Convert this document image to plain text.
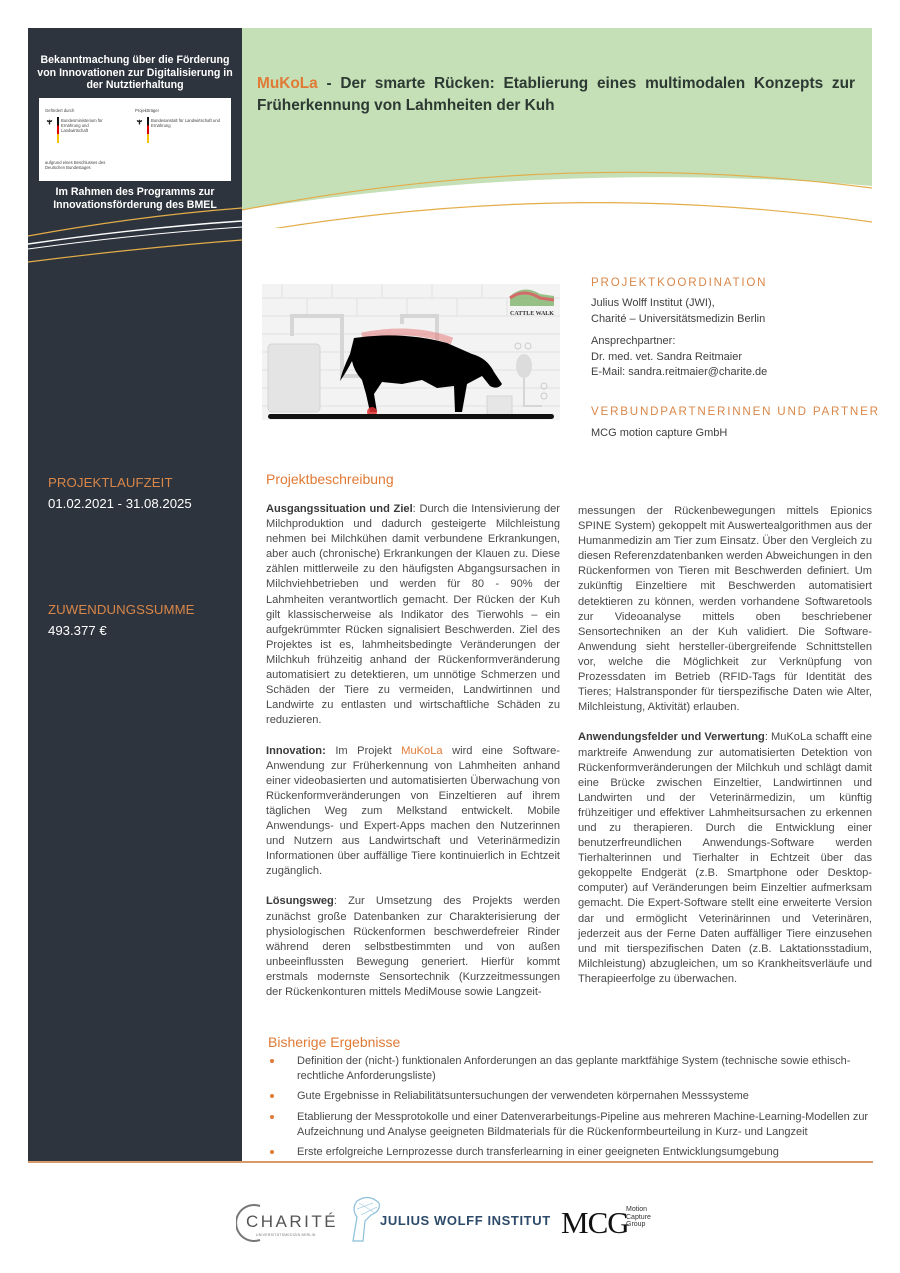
Bekanntmachung über die Förderung von Innovationen zur Digitalisierung in der Nutztierhaltung
Gefördert durch
Bundesministerium für Ernährung und Landwirtschaft
aufgrund eines Beschlusses des Deutschen Bundestages
Projektträger
Bundesanstalt für Landwirtschaft und Ernährung
Im Rahmen des Programms zur Innovationsförderung des BMEL
PROJEKTLAUFZEIT
01.02.2021 - 31.08.2025
ZUWENDUNGSSUMME
493.377 €
MuKoLa - Der smarte Rücken: Etablierung eines multimodalen Konzepts zur Früherkennung von Lahmheiten der Kuh
CATTLE WALK
PROJEKTKOORDINATION
Julius Wolff Institut (JWI),
Charité – Universitätsmedizin Berlin
Ansprechpartner:
Dr. med. vet. Sandra Reitmaier
E-Mail: sandra.reitmaier@charite.de
VERBUNDPARTNERINNEN UND PARTNER
MCG motion capture GmbH
Projektbeschreibung

Ausgangssituation und Ziel: Durch die Intensivierung der Milchproduktion und dadurch gesteigerte Milchleistung nehmen bei Milchkühen damit verbundene Erkrankungen, aber auch (chronische) Erkrankungen der Klauen zu. Diese zählen mittlerweile zu den häufigsten Abgangsursachen in Milchviehbetrieben und werden für 80 - 90% der Lahmheiten verantwortlich gemacht. Der Rücken der Kuh gilt klassischerweise als Indikator des Tierwohls – ein aufgekrümmter Rücken signalisiert Beschwerden. Ziel des Projektes ist es, lahmheitsbedingte Veränderungen der Milchkuh frühzeitig anhand der Rückenformveränderung automatisiert zu detektieren, um unnötige Schmerzen und Schäden der Tiere zu vermeiden, Landwirtinnen und Landwirte zu entlasten und wirtschaftliche Schäden zu reduzieren.

Innovation: Im Projekt MuKoLa wird eine Software-Anwendung zur Früherkennung von Lahmheiten anhand einer videobasierten und automatisierten Überwachung von Rückenformveränderungen von Einzeltieren auf ihrem täglichen Weg zum Melkstand entwickelt. Mobile Anwendungs- und Expert-Apps machen den Nutzerinnen und Nutzern aus Landwirtschaft und Veterinärmedizin Informationen über auffällige Tiere kontinuierlich in Echtzeit zugänglich.

Lösungsweg: Zur Umsetzung des Projekts werden zunächst große Datenbanken zur Charakterisierung der physiologischen Rückenformen beschwerdefreier Rinder während deren selbstbestimmten und von außen unbeeinflussten Bewegung generiert. Hierfür kommt erstmals modernste Sensortechnik (Kurzzeitmessungen der Rückenkonturen mittels MediMouse sowie Langzeit-

messungen der Rückenbewegungen mittels Epionics SPINE System) gekoppelt mit Auswertealgorithmen aus der Humanmedizin am Tier zum Einsatz. Über den Vergleich zu diesen Referenzdatenbanken werden Abweichungen in den Rückenformen von Tieren mit Beschwerden definiert. Um zukünftig Einzeltiere mit Beschwerden automatisiert detektieren zu können, werden vorhandene Softwaretools zur Videoanalyse mittels oben beschriebener Sensortechniken an der Kuh validiert. Die Software-Anwendung sieht hersteller-übergreifende Schnittstellen vor, welche die Möglichkeit zur Verknüpfung von Prozessdaten im Betrieb (RFID-Tags für Identität des Tieres; Halstransponder für tierspezifische Daten wie Alter, Milchleistung, Aktivität) erlauben.

Anwendungsfelder und Verwertung: MuKoLa schafft eine marktreife Anwendung zur automatisierten Detektion von Rückenformveränderungen der Milchkuh und schlägt damit eine Brücke zwischen Einzeltier, Landwirtinnen und Landwirten und der Veterinärmedizin, um künftig frühzeitiger und effektiver Lahmheitsursachen zu erkennen und zu therapieren. Durch die Entwicklung einer benutzerfreundlichen Anwendungs-Software werden Tierhalterinnen und Tierhalter in Echtzeit über das gekoppelte Endgerät (z.B. Smartphone oder Desktop-computer) auf Veränderungen beim Einzeltier aufmerksam gemacht. Die Expert-Software stellt eine erweiterte Version dar und ermöglicht Veterinärinnen und Veterinären, jederzeit aus der Ferne Daten auffälliger Tiere einzusehen und mit tierspezifischen Daten (z.B. Laktationsstadium, Milchleistung) abzugleichen, um so Krankheitsverläufe und Therapieerfolge zu überwachen.

Bisherige Ergebnisse
Definition der (nicht-) funktionalen Anforderungen an das geplante marktfähige System (technische sowie ethisch-rechtliche Anforderungsliste)
Gute Ergebnisse in Reliabilitätsuntersuchungen der verwendeten körpernahen Messsysteme
Etablierung der Messprotokolle und einer Datenverarbeitungs-Pipeline aus mehreren Machine-Learning-Modellen zur Aufzeichnung und Analyse geeigneten Bildmaterials für die Rückenformbeurteilung in Kurz- und Langzeit
Erste erfolgreiche Lernprozesse durch transferlearning in einer geeigneten Entwicklungsumgebung
CHARITÉ
UNIVERSITÄTSMEDIZIN BERLIN
JULIUS WOLFF INSTITUT MCG
Motion
Capture
Group
